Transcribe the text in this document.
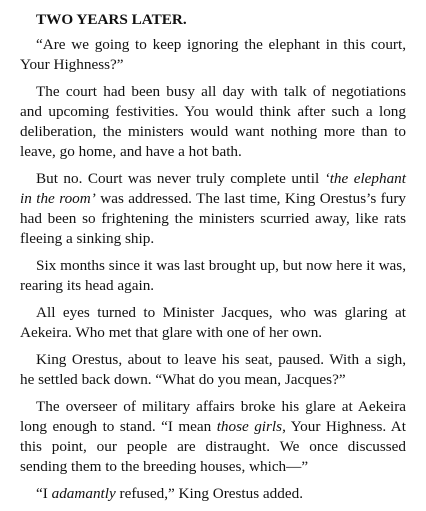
TWO YEARS LATER.

“Are we going to keep ignoring the elephant in this court, Your Highness?”

The court had been busy all day with talk of negotiations and upcoming festivities. You would think after such a long deliberation, the ministers would want nothing more than to leave, go home, and have a hot bath.

But no. Court was never truly complete until ‘the elephant in the room’ was addressed. The last time, King Orestus’s fury had been so frightening the ministers scurried away, like rats fleeing a sinking ship.

Six months since it was last brought up, but now here it was, rearing its head again.

All eyes turned to Minister Jacques, who was glaring at Aekeira. Who met that glare with one of her own.

King Orestus, about to leave his seat, paused. With a sigh, he settled back down. “What do you mean, Jacques?”

The overseer of military affairs broke his glare at Aekeira long enough to stand. “I mean those girls, Your Highness. At this point, our people are distraught. We once discussed sending them to the breeding houses, which—”

“I adamantly refused,” King Orestus added.
